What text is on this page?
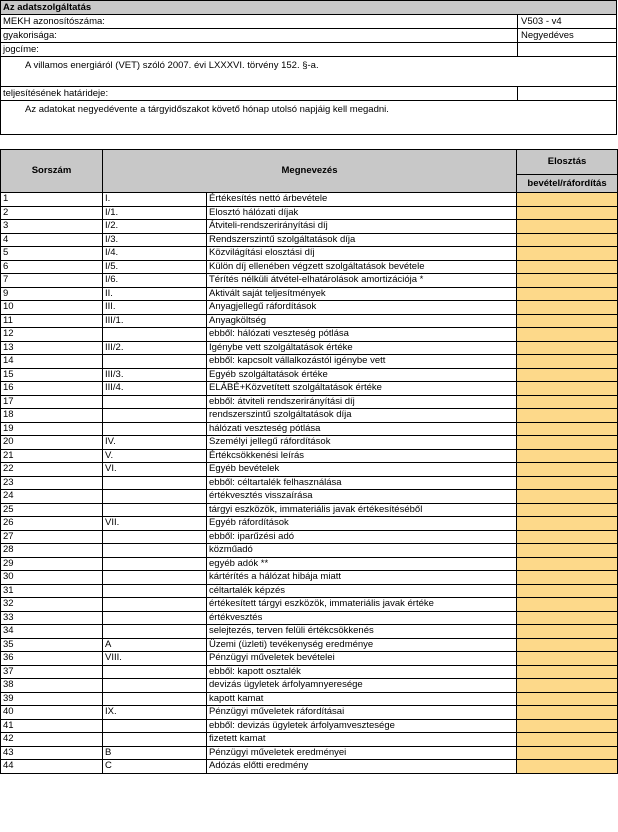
Az adatszolgáltatás
MEKH azonosítószáma:	V503 - v4
gyakorisága:	Negyedéves
jogcíme:
A villamos energiáról (VET) szóló 2007. évi LXXXVI. törvény 152. §-a.
teljesítésének határideje:
Az adatokat negyedévente a tárgyidőszakot követő hónap utolsó napjáig kell megadni.
Sorszám	Megnevezés		Elosztás
			bevétel/ráfordítás
1	I.	Értékesítés nettó árbevétele	
2	I/1.	Elosztó hálózati díjak	
3	I/2.	Átviteli-rendszerirányítási díj	
4	I/3.	Rendszerszintű szolgáltatások díja	
5	I/4.	Közvilágítási elosztási díj	
6	I/5.	Külön díj ellenében végzett szolgáltatások bevétele	
7	I/6.	Térítés nélküli átvétel-elhatárolások amortizációja *	
9	II.	Aktivált saját teljesítmények	
10	III.	Anyagjellegű ráfordítások	
11	III/1.	Anyagköltség	
12		ebből: hálózati veszteség pótlása	
13	III/2.	Igénybe vett szolgáltatások értéke	
14		ebből: kapcsolt vállalkozástól igénybe vett	
15	III/3.	Egyéb szolgáltatások értéke	
16	III/4.	ELÁBÉ+Közvetített szolgáltatások értéke	
17		ebből: átviteli rendszerirányítási díj	
18		rendszerszintű szolgáltatások díja	
19		hálózati veszteség pótlása	
20	IV.	Személyi jellegű ráfordítások	
21	V.	Értékcsökkenési leírás	
22	VI.	Egyéb bevételek	
23		ebből: céltartalék felhasználása	
24		értékvesztés visszaírása	
25		tárgyi eszközök, immateriális javak értékesítéséből	
26	VII.	Egyéb ráfordítások	
27		ebből: iparűzési adó	
28		közműadó	
29		egyéb adók **	
30		kártérítés a hálózat hibája miatt	
31		céltartalék képzés	
32		értékesített tárgyi eszközök, immateriális javak értéke	
33		értékvesztés	
34		selejtezés, terven felüli értékcsökkenés	
35	A	Üzemi (üzleti) tevékenység eredménye	
36	VIII.	Pénzügyi műveletek bevételei	
37		ebből: kapott osztalék	
38		devizás ügyletek árfolyamnyeresége	
39		kapott kamat	
40	IX.	Pénzügyi műveletek ráfordításai	
41		ebből: devizás ügyletek árfolyamvesztesége	
42		fizetett kamat	
43	B	Pénzügyi műveletek eredményei	
44	C	Adózás előtti eredmény	
